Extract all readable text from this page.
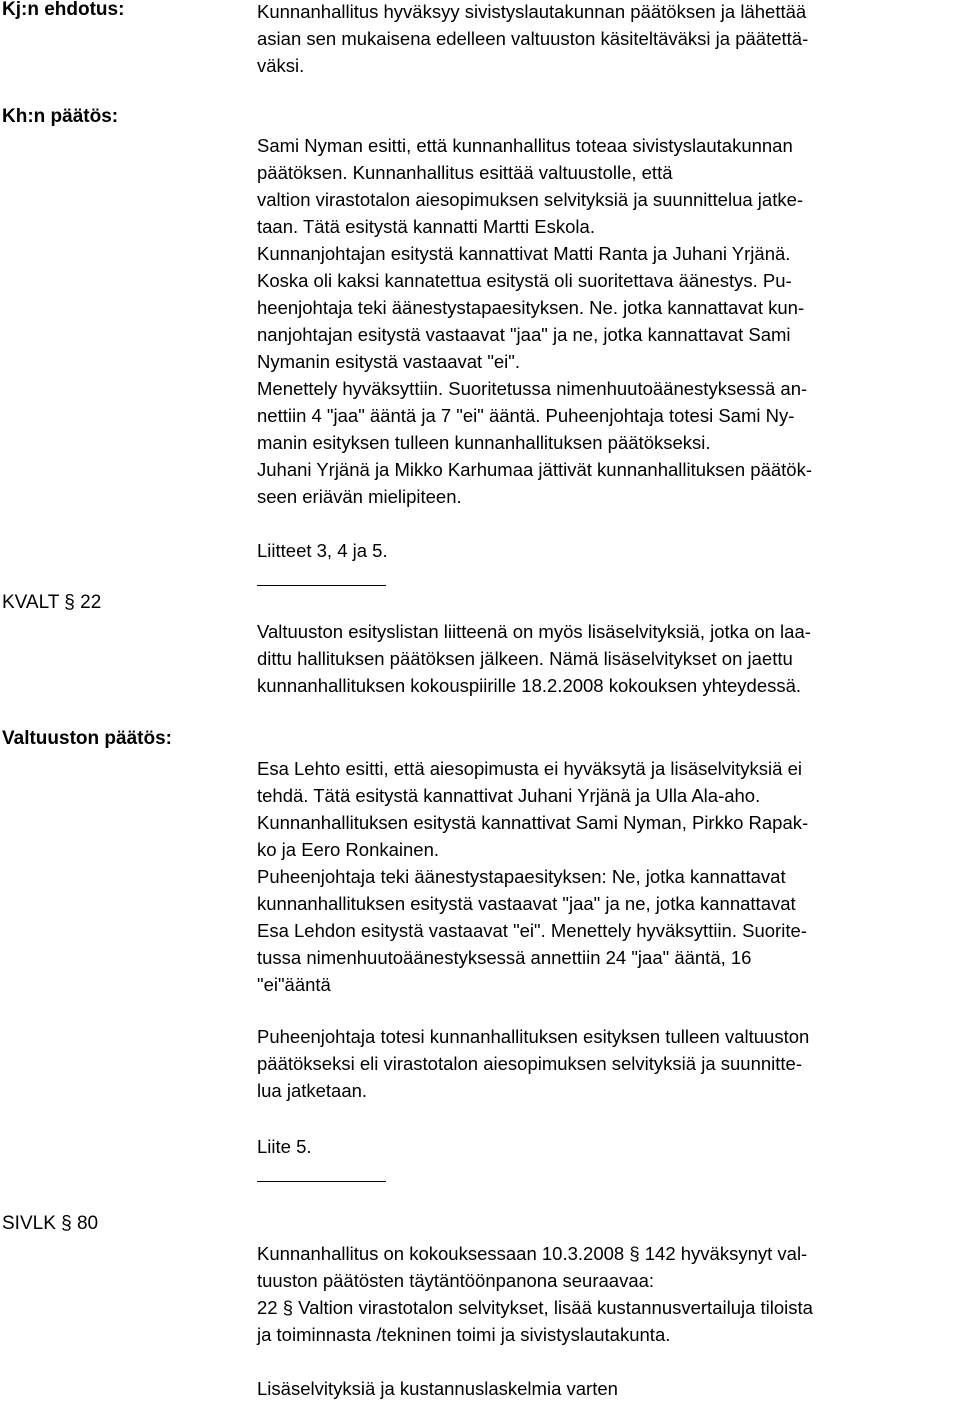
Kj:n ehdotus:

Kh:n päätös:

KVALT § 22

Valtuuston päätös:

SIVLK § 80

Kunnanhallitus hyväksyy sivistyslautakunnan päätöksen ja lähettää

asian sen mukaisena edelleen valtuuston käsiteltäväksi ja päätettä-

väksi.

Sami Nyman esitti, että kunnanhallitus toteaa sivistyslautakunnan

päätöksen. Kunnanhallitus esittää valtuustolle, että

valtion virastotalon aiesopimuksen selvityksiä ja suunnittelua jatke-

taan. Tätä esitystä kannatti Martti Eskola.

Kunnanjohtajan esitystä kannattivat Matti Ranta ja Juhani Yrjänä.

Koska oli kaksi kannatettua esitystä oli suoritettava äänestys. Pu-

heenjohtaja teki äänestystapaesityksen. Ne. jotka kannattavat kun-

nanjohtajan esitystä vastaavat "jaa" ja ne, jotka kannattavat Sami

Nymanin esitystä vastaavat "ei".

Menettely hyväksyttiin. Suoritetussa nimenhuutoäänestyksessä an-

nettiin 4 "jaa" ääntä ja 7 "ei" ääntä. Puheenjohtaja totesi Sami Ny-

manin esityksen tulleen kunnanhallituksen päätökseksi.

Juhani Yrjänä ja Mikko Karhumaa jättivät kunnanhallituksen päätök-

seen eriävän mielipiteen.

Liitteet 3, 4 ja 5.

Valtuuston esityslistan liitteenä on myös lisäselvityksiä, jotka on laa-

dittu hallituksen päätöksen jälkeen. Nämä lisäselvitykset on jaettu

kunnanhallituksen kokouspiirille 18.2.2008 kokouksen yhteydessä.

Esa Lehto esitti, että aiesopimusta ei hyväksytä ja lisäselvityksiä ei

tehdä. Tätä esitystä kannattivat Juhani Yrjänä ja Ulla Ala-aho.

Kunnanhallituksen esitystä kannattivat Sami Nyman, Pirkko Rapak-

ko ja Eero Ronkainen.

Puheenjohtaja teki äänestystapaesityksen: Ne, jotka kannattavat

kunnanhallituksen esitystä vastaavat "jaa" ja ne, jotka kannattavat

Esa Lehdon esitystä vastaavat "ei". Menettely hyväksyttiin. Suorite-

tussa nimenhuutoäänestyksessä annettiin 24 "jaa" ääntä, 16

"ei"ääntä

Puheenjohtaja totesi kunnanhallituksen esityksen tulleen valtuuston

päätökseksi eli virastotalon aiesopimuksen selvityksiä ja suunnitte-

lua jatketaan.

Liite 5.

Kunnanhallitus on kokouksessaan 10.3.2008 § 142 hyväksynyt val-

tuuston päätösten täytäntöönpanona seuraavaa:

22 § Valtion virastotalon selvitykset, lisää kustannusvertailuja tiloista

ja toiminnasta /tekninen toimi ja sivistyslautakunta.

Lisäselvityksiä ja kustannuslaskelmia varten
